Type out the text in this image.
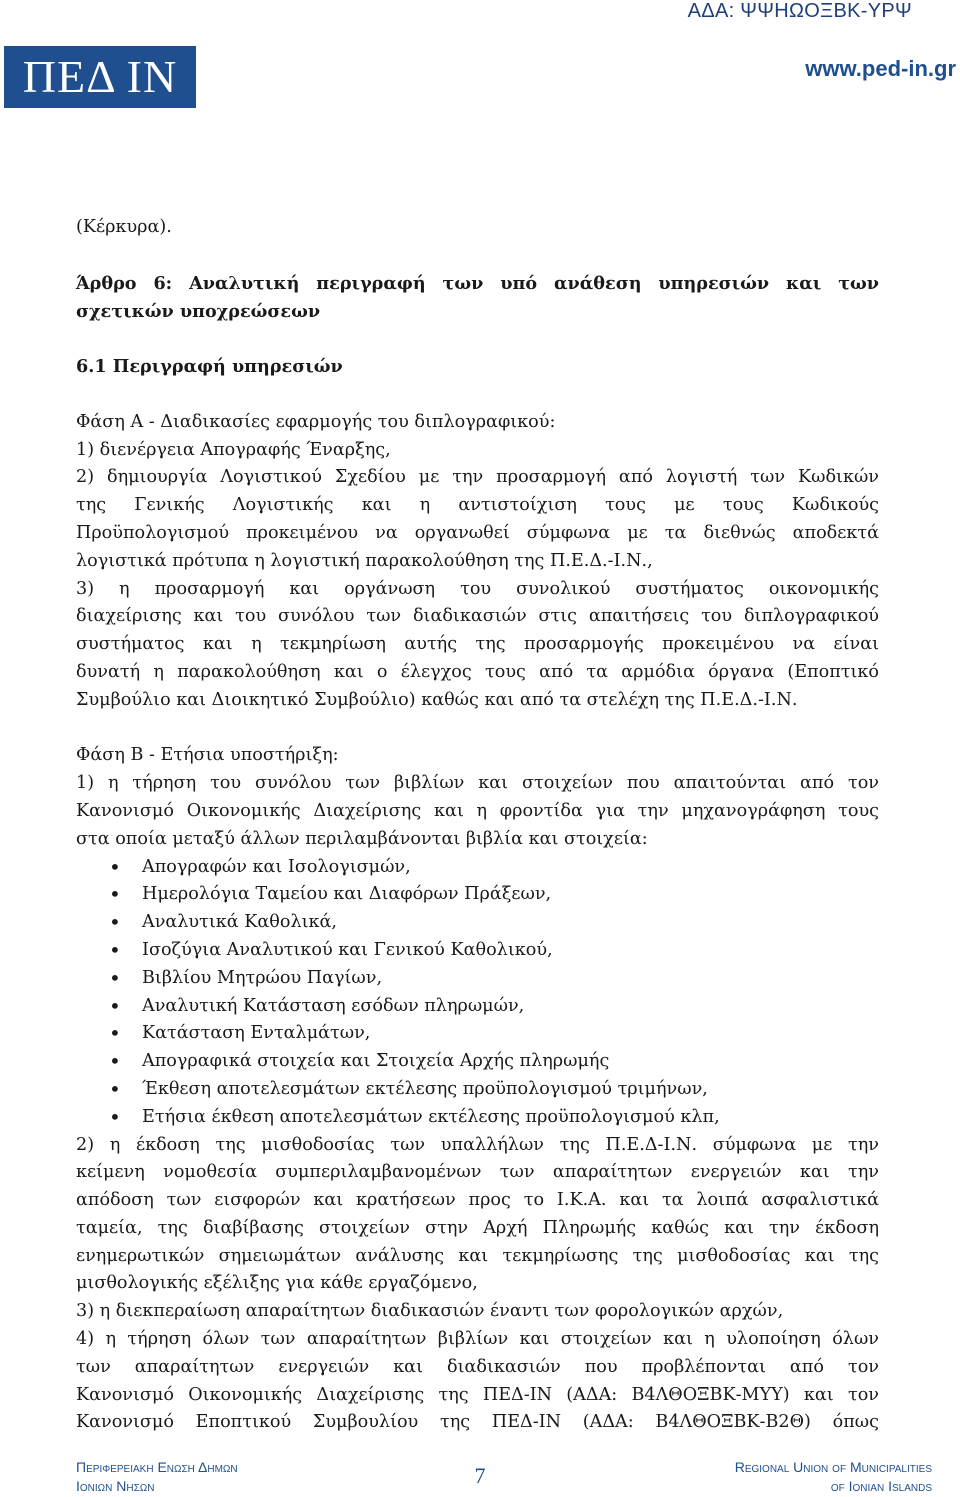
ΑΔΑ: ΨΨΗΩΟΞΒΚ-ΥΡΨ
ΠΕΔ ΙΝ	www.ped-in.gr
(Κέρκυρα).
Άρθρο 6: Αναλυτική περιγραφή των υπό ανάθεση υπηρεσιών και των
σχετικών υποχρεώσεων
6.1 Περιγραφή υπηρεσιών
Φάση Α - Διαδικασίες εφαρμογής του διπλογραφικού:
1) διενέργεια Απογραφής Έναρξης,
2) δημιουργία Λογιστικού Σχεδίου με την προσαρμογή από λογιστή των Κωδικών
της Γενικής Λογιστικής και η αντιστοίχιση τους με τους Κωδικούς
Προϋπολογισμού προκειμένου να οργανωθεί σύμφωνα με τα διεθνώς αποδεκτά
λογιστικά πρότυπα η λογιστική παρακολούθηση της Π.Ε.Δ.-Ι.Ν.,
3) η προσαρμογή και οργάνωση του συνολικού συστήματος οικονομικής
διαχείρισης και του συνόλου των διαδικασιών στις απαιτήσεις του διπλογραφικού
συστήματος και η τεκμηρίωση αυτής της προσαρμογής προκειμένου να είναι
δυνατή η παρακολούθηση και ο έλεγχος τους από τα αρμόδια όργανα (Εποπτικό
Συμβούλιο και Διοικητικό Συμβούλιο) καθώς και από τα στελέχη της Π.Ε.Δ.-Ι.Ν.
Φάση Β - Ετήσια υποστήριξη:
1) η τήρηση του συνόλου των βιβλίων και στοιχείων που απαιτούνται από τον
Κανονισμό Οικονομικής Διαχείρισης και η φροντίδα για την μηχανογράφηση τους
στα οποία μεταξύ άλλων περιλαμβάνονται βιβλία και στοιχεία:
• Απογραφών και Ισολογισμών,
• Ημερολόγια Ταμείου και Διαφόρων Πράξεων,
• Αναλυτικά Καθολικά,
• Ισοζύγια Αναλυτικού και Γενικού Καθολικού,
• Βιβλίου Μητρώου Παγίων,
• Αναλυτική Κατάσταση εσόδων πληρωμών,
• Κατάσταση Ενταλμάτων,
• Απογραφικά στοιχεία και Στοιχεία Αρχής πληρωμής
• Έκθεση αποτελεσμάτων εκτέλεσης προϋπολογισμού τριμήνων,
• Ετήσια έκθεση αποτελεσμάτων εκτέλεσης προϋπολογισμού κλπ,
2) η έκδοση της μισθοδοσίας των υπαλλήλων της Π.Ε.Δ-Ι.Ν. σύμφωνα με την
κείμενη νομοθεσία συμπεριλαμβανομένων των απαραίτητων ενεργειών και την
απόδοση των εισφορών και κρατήσεων προς το Ι.Κ.Α. και τα λοιπά ασφαλιστικά
ταμεία, της διαβίβασης στοιχείων στην Αρχή Πληρωμής καθώς και την έκδοση
ενημερωτικών σημειωμάτων ανάλυσης και τεκμηρίωσης της μισθοδοσίας και της
μισθολογικής εξέλιξης για κάθε εργαζόμενο,
3) η διεκπεραίωση απαραίτητων διαδικασιών έναντι των φορολογικών αρχών,
4) η τήρηση όλων των απαραίτητων βιβλίων και στοιχείων και η υλοποίηση όλων
των απαραίτητων ενεργειών και διαδικασιών που προβλέπονται από τον
Κανονισμό Οικονομικής Διαχείρισης της ΠΕΔ-ΙΝ (ΑΔΑ: Β4ΛΘΟΞΒΚ-ΜΥΥ) και τον
Κανονισμό Εποπτικού Συμβουλίου της ΠΕΔ-ΙΝ (ΑΔΑ: Β4ΛΘΟΞΒΚ-Β2Θ) όπως
Περιφερειακη Ενωση Δημων
Ιονιων Νησων	7	Regional Union of Municipalities
of Ionian Islands
